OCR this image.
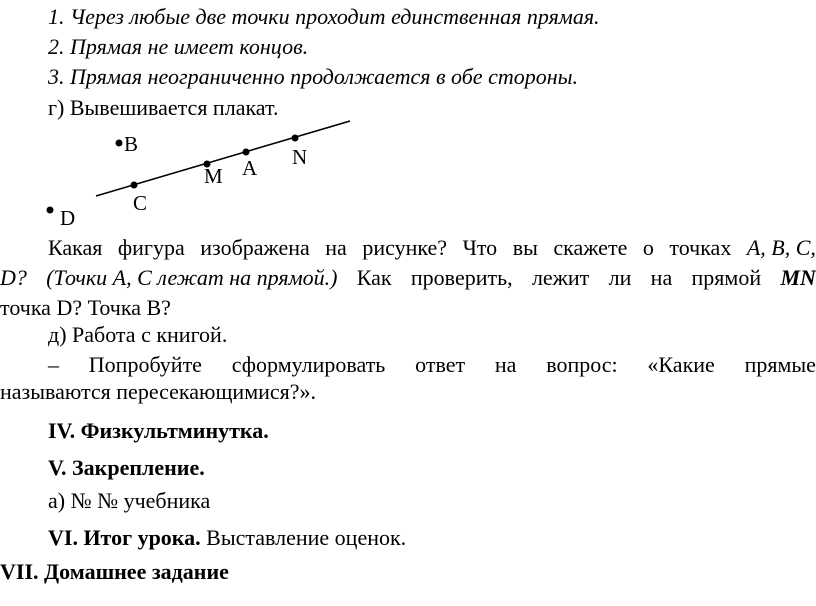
1. Через любые две точки проходит единственная прямая.
2. Прямая не имеет концов.
3. Прямая неограниченно продолжается в обе стороны.
г) Вывешивается плакат.
B
D
C
M A N
Какая фигура изображена на рисунке? Что вы скажете о точках A, B, C,
D? (Точки A, C лежат на прямой.) Как проверить, лежит ли на прямой MN
точка D? Точка B?
д) Работа с книгой.
– Попробуйте сформулировать ответ на вопрос: «Какие прямые
называются пересекающимися?».
IV. Физкультминутка.
V. Закрепление.
а) № № учебника
VI. Итог урока. Выставление оценок.
VII. Домашнее задание
